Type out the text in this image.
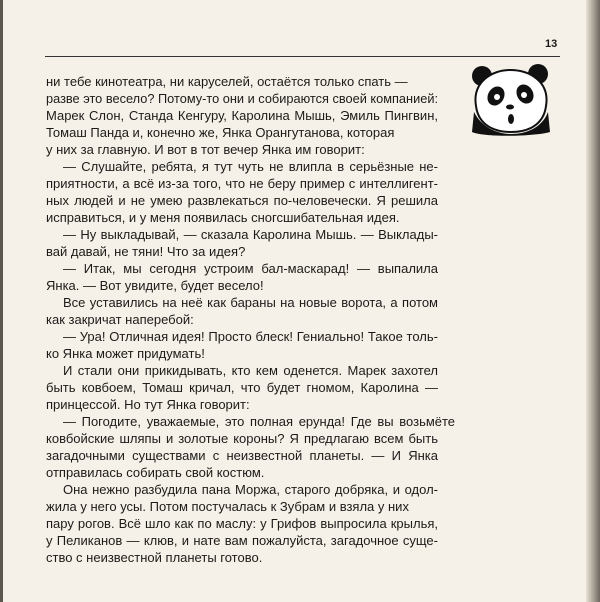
13
ни тебе кинотеатра, ни каруселей, остаётся только спать —
разве это весело? Потому-то они и собираются своей компанией:
Марек Слон, Станда Кенгуру, Каролина Мышь, Эмиль Пингвин,
Томаш Панда и, конечно же, Янка Орангутанова, которая
у них за главную. И вот в тот вечер Янка им говорит:
— Слушайте, ребята, я тут чуть не влипла в серьёзные не-
приятности, а всё из-за того, что не беру пример с интеллигент-
ных людей и не умею развлекаться по-человечески. Я решила
исправиться, и у меня появилась сногсшибательная идея.
— Ну выкладывай, — сказала Каролина Мышь. — Выклады-
вай давай, не тяни! Что за идея?
— Итак, мы сегодня устроим бал-маскарад! — выпалила
Янка. — Вот увидите, будет весело!
Все уставились на неё как бараны на новые ворота, а потом
как закричат наперебой:
— Ура! Отличная идея! Просто блеск! Гениально! Такое толь-
ко Янка может придумать!
И стали они прикидывать, кто кем оденется. Марек захотел
быть ковбоем, Томаш кричал, что будет гномом, Каролина —
принцессой. Но тут Янка говорит:
— Погодите, уважаемые, это полная ерунда! Где вы возьмёте
ковбойские шляпы и золотые короны? Я предлагаю всем быть
загадочными существами с неизвестной планеты. — И Янка
отправилась собирать свой костюм.
Она нежно разбудила пана Моржа, старого добряка, и одол-
жила у него усы. Потом постучалась к Зубрам и взяла у них
пару рогов. Всё шло как по маслу: у Грифов выпросила крылья,
у Пеликанов — клюв, и нате вам пожалуйста, загадочное суще-
ство с неизвестной планеты готово.
